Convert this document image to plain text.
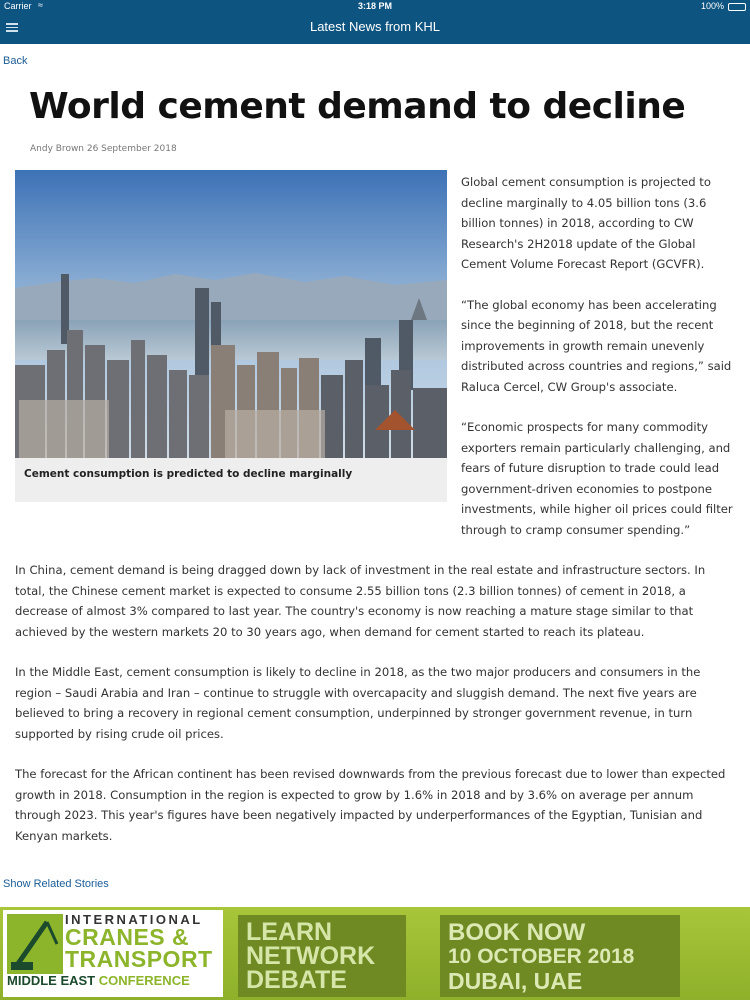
Carrier ≈	3:18 PM	100%
Latest News from KHL
Back
World cement demand to decline
Andy Brown 26 September 2018
Cement consumption is predicted to decline marginally

Global cement consumption is projected to decline marginally to 4.05 billion tons (3.6 billion tonnes) in 2018, according to CW Research's 2H2018 update of the Global Cement Volume Forecast Report (GCVFR).

“The global economy has been accelerating since the beginning of 2018, but the recent improvements in growth remain unevenly distributed across countries and regions,” said Raluca Cercel, CW Group's associate.

“Economic prospects for many commodity exporters remain particularly challenging, and fears of future disruption to trade could lead government-driven economies to postpone investments, while higher oil prices could filter through to cramp consumer spending.”

In China, cement demand is being dragged down by lack of investment in the real estate and infrastructure sectors. In total, the Chinese cement market is expected to consume 2.55 billion tons (2.3 billion tonnes) of cement in 2018, a decrease of almost 3% compared to last year. The country's economy is now reaching a mature stage similar to that achieved by the western markets 20 to 30 years ago, when demand for cement started to reach its plateau.

In the Middle East, cement consumption is likely to decline in 2018, as the two major producers and consumers in the region – Saudi Arabia and Iran – continue to struggle with overcapacity and sluggish demand. The next five years are believed to bring a recovery in regional cement consumption, underpinned by stronger government revenue, in turn supported by rising crude oil prices.

The forecast for the African continent has been revised downwards from the previous forecast due to lower than expected growth in 2018. Consumption in the region is expected to grow by 1.6% in 2018 and by 3.6% on average per annum through 2023. This year's figures have been negatively impacted by underperformances of the Egyptian, Tunisian and Kenyan markets.

Show Related Stories
INTERNATIONAL
CRANES &
TRANSPORT
MIDDLE EAST CONFERENCE
LEARN
NETWORK
DEBATE
BOOK NOW
10 OCTOBER 2018
DUBAI, UAE
